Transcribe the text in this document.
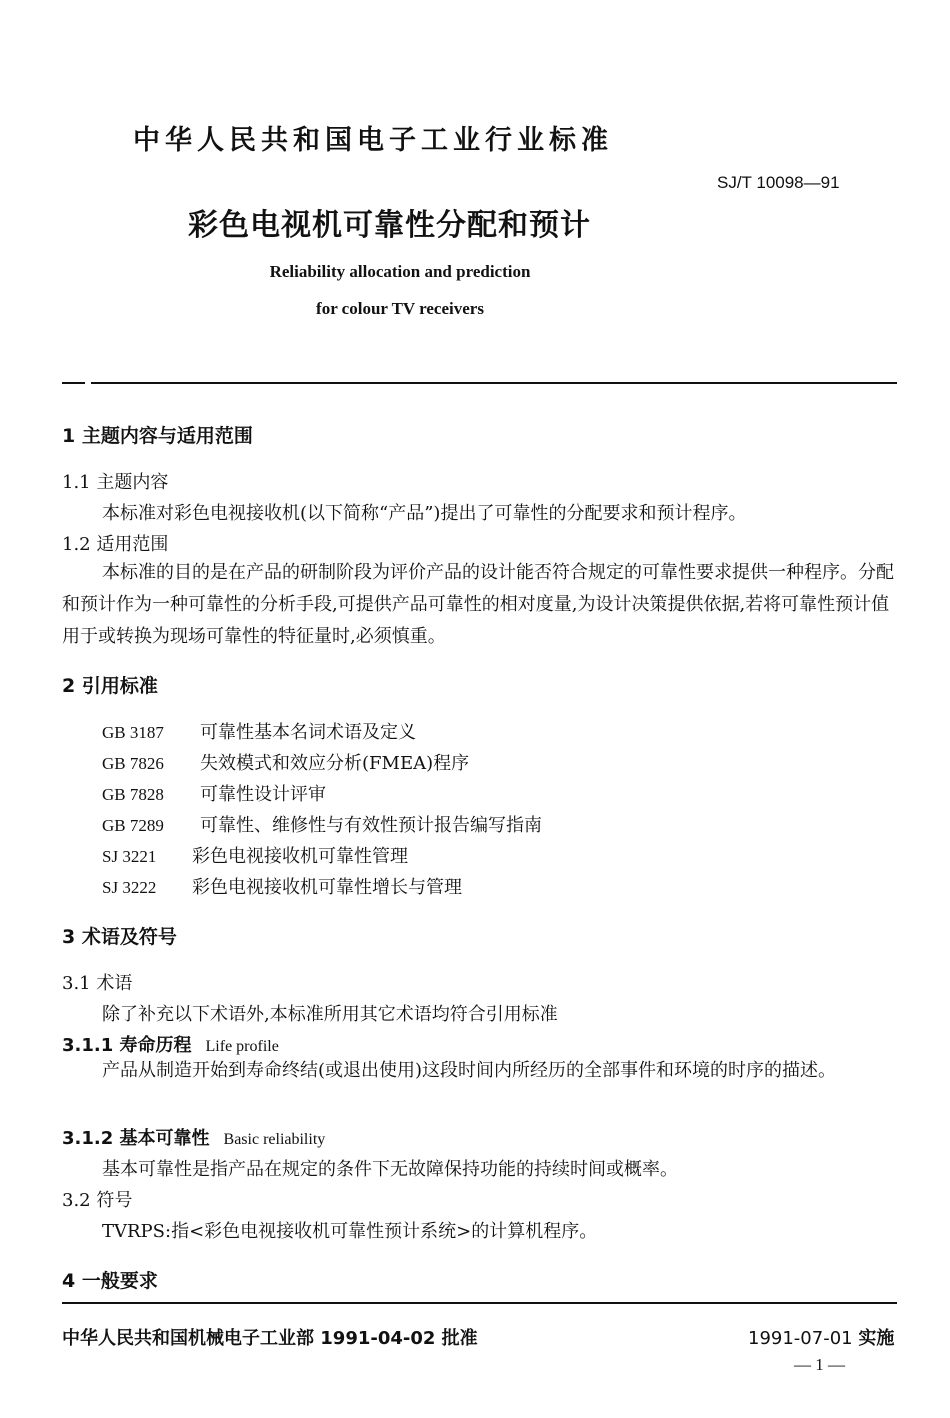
中华人民共和国电子工业行业标准
SJ/T 10098—91
彩色电视机可靠性分配和预计
Reliability allocation and prediction
for colour TV receivers
1 主题内容与适用范围
1.1 主题内容
本标准对彩色电视接收机(以下简称“产品”)提出了可靠性的分配要求和预计程序。
1.2 适用范围
本标准的目的是在产品的研制阶段为评价产品的设计能否符合规定的可靠性要求提供一种程序。分配和预计作为一种可靠性的分析手段,可提供产品可靠性的相对度量,为设计决策提供依据,若将可靠性预计值用于或转换为现场可靠性的特征量时,必须慎重。
2 引用标准
GB 3187 可靠性基本名词术语及定义
GB 7826 失效模式和效应分析(FMEA)程序
GB 7828 可靠性设计评审
GB 7289 可靠性、维修性与有效性预计报告编写指南
SJ 3221 彩色电视接收机可靠性管理
SJ 3222 彩色电视接收机可靠性增长与管理
3 术语及符号
3.1 术语
除了补充以下术语外,本标准所用其它术语均符合引用标准
3.1.1 寿命历程 Life profile
产品从制造开始到寿命终结(或退出使用)这段时间内所经历的全部事件和环境的时序的描述。
3.1.2 基本可靠性 Basic reliability
基本可靠性是指产品在规定的条件下无故障保持功能的持续时间或概率。
3.2 符号
TVRPS:指<彩色电视接收机可靠性预计系统>的计算机程序。
4 一般要求
中华人民共和国机械电子工业部 1991-04-02 批准	1991-07-01 实施
— 1 —
